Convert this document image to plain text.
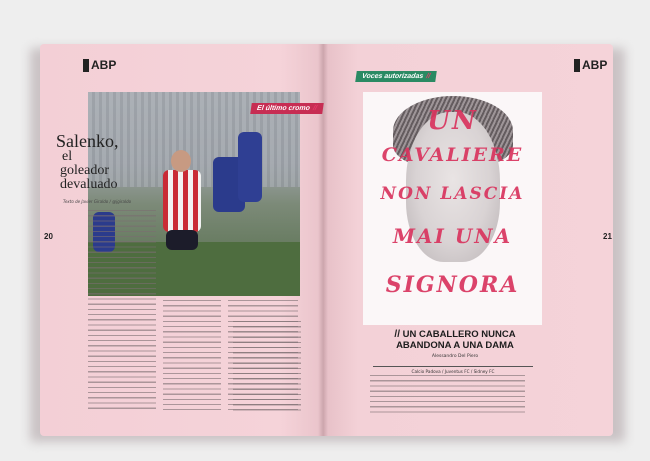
ABP
El último cromo //
Salenko,
el
goleador
devaluado
Texto de Javier Giraldo / @jgiraldo
20
ABP
Voces autorizadas //
UN
CAVALIERE
NON LASCIA
MAI UNA
SIGNORA
// UN CABALLERO NUNCA
ABANDONA A UNA DAMA
Alessandro Del Piero
Calcio Padova / Juventus FC / Sidney FC
21
